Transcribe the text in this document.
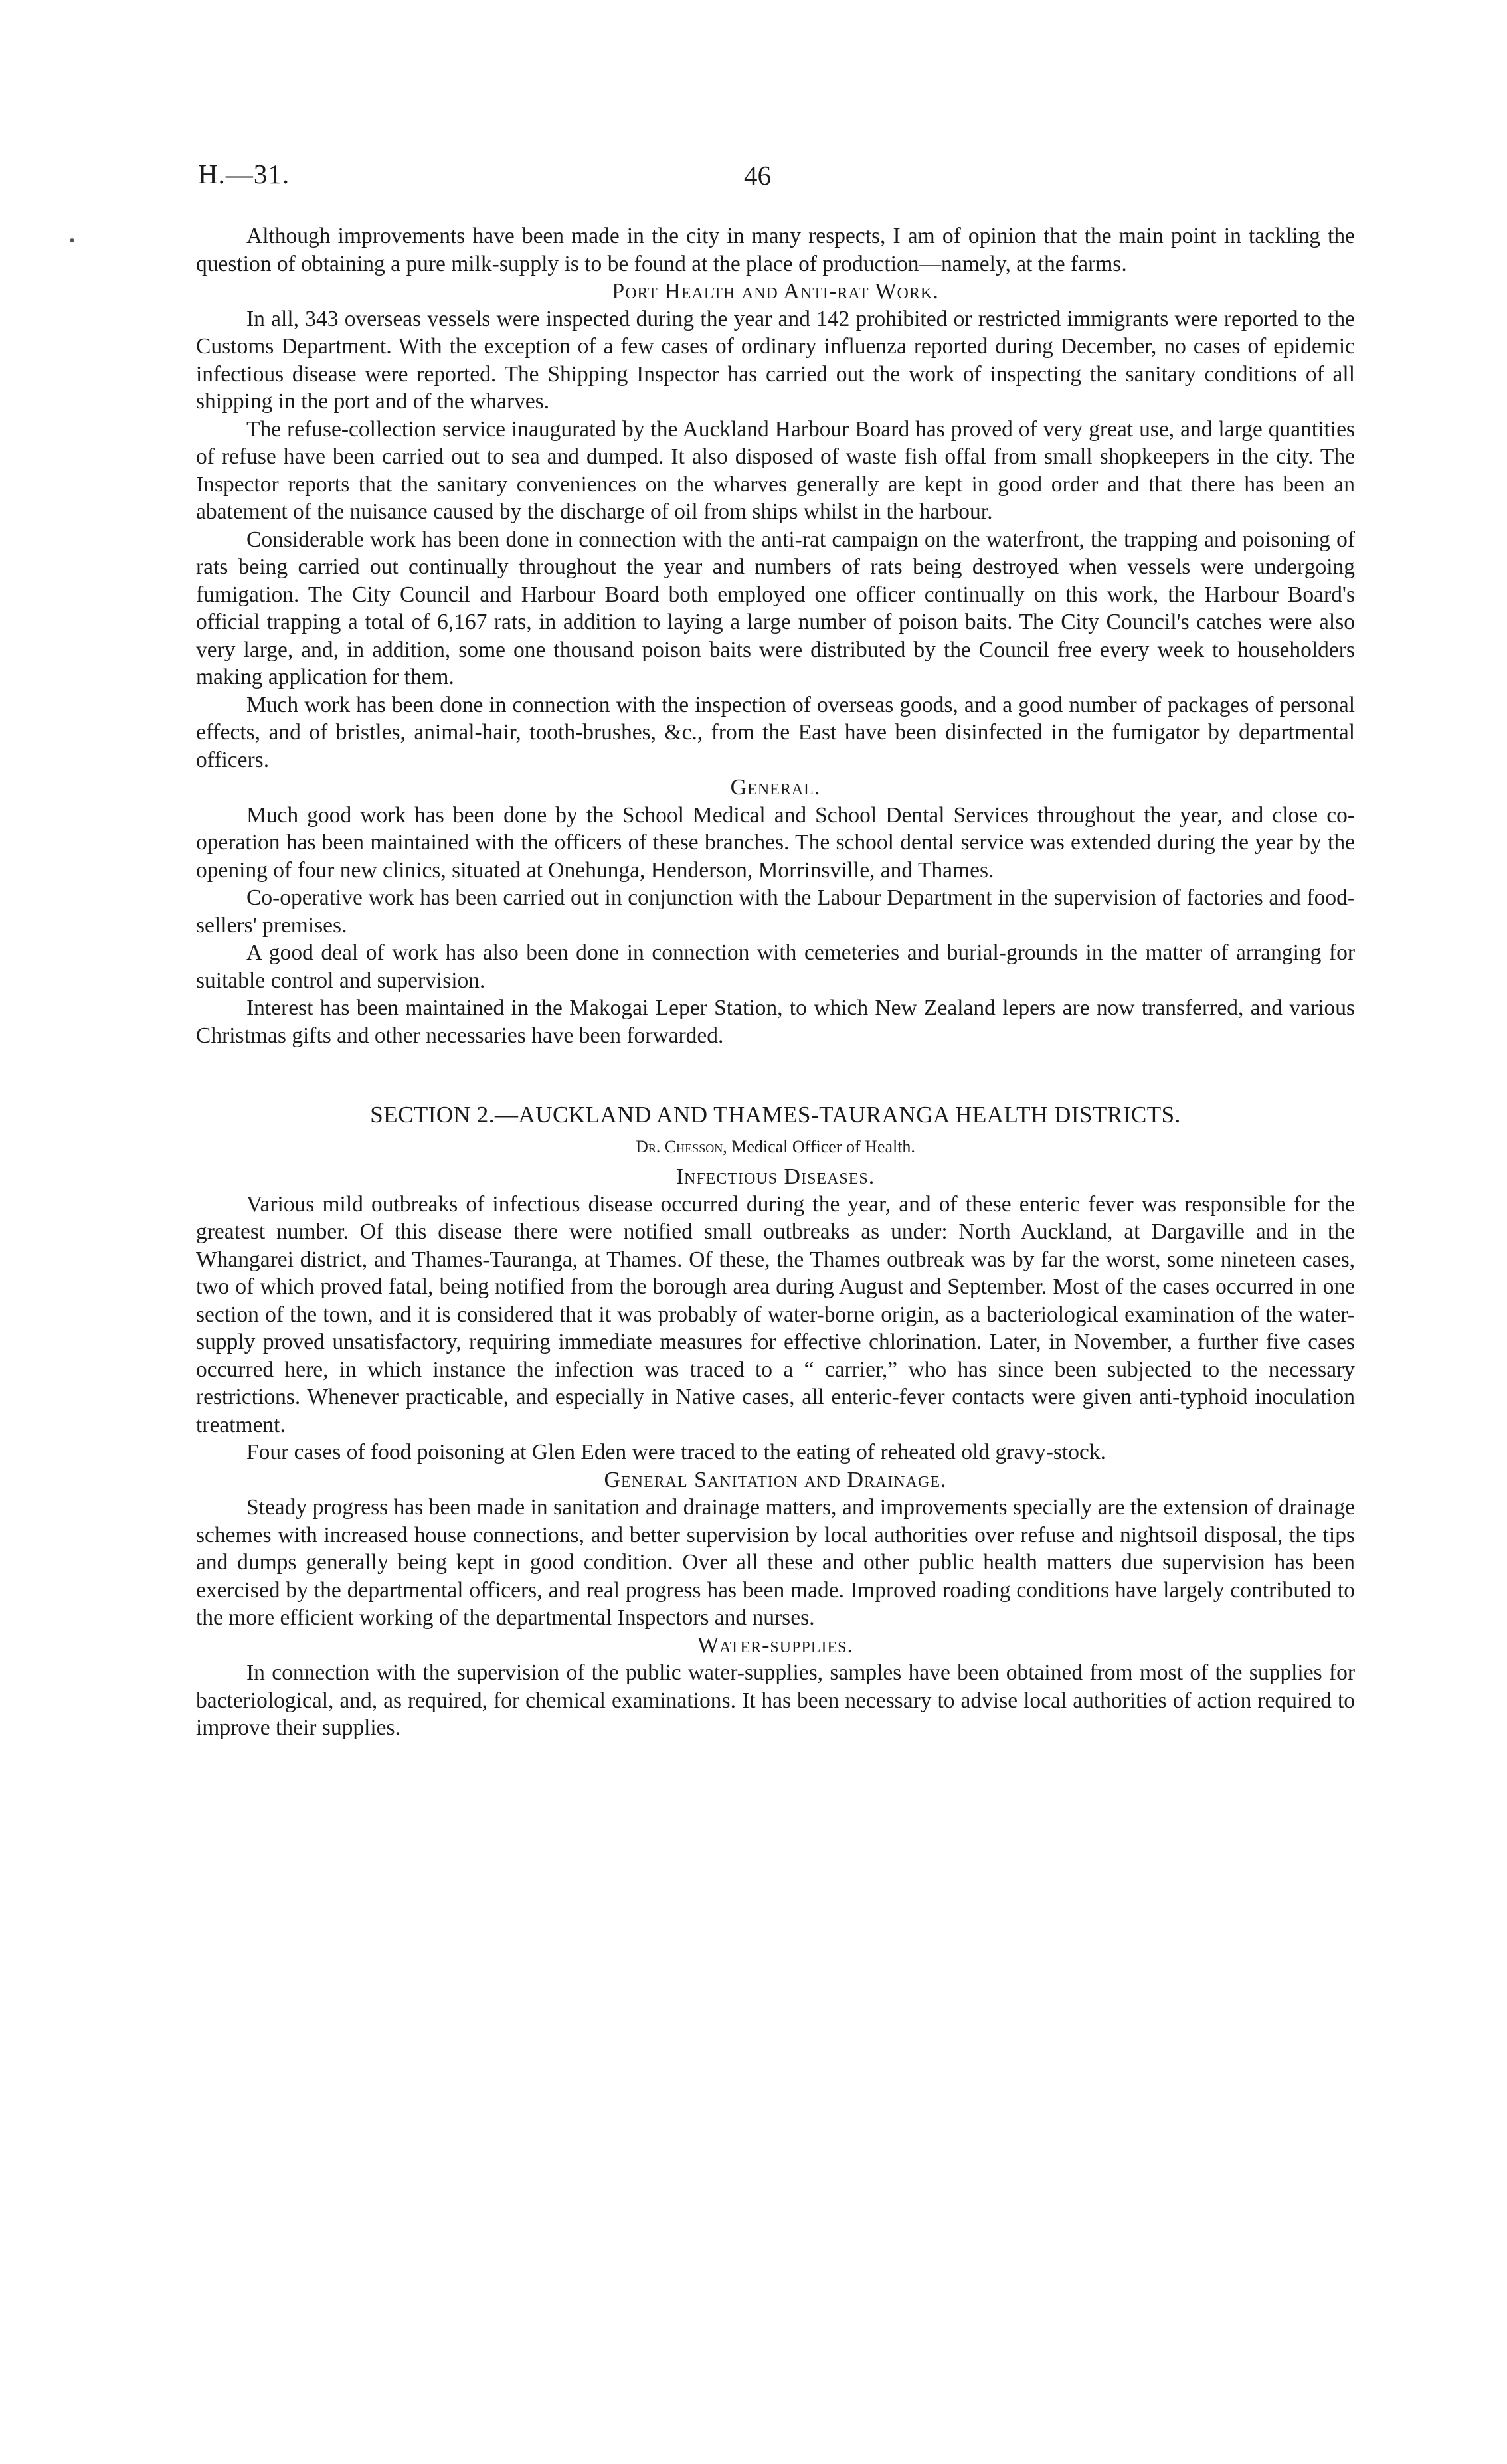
H.—31.	46
•	Although improvements have been made in the city in many respects, I am of opinion that the main point in tackling the question of obtaining a pure milk-supply is to be found at the place of production—namely, at the farms.

Port Health and Anti-rat Work.

In all, 343 overseas vessels were inspected during the year and 142 prohibited or restricted immigrants were reported to the Customs Department. With the exception of a few cases of ordinary influenza reported during December, no cases of epidemic infectious disease were reported. The Shipping Inspector has carried out the work of inspecting the sanitary conditions of all shipping in the port and of the wharves.

The refuse-collection service inaugurated by the Auckland Harbour Board has proved of very great use, and large quantities of refuse have been carried out to sea and dumped. It also disposed of waste fish offal from small shopkeepers in the city. The Inspector reports that the sanitary conveniences on the wharves generally are kept in good order and that there has been an abatement of the nuisance caused by the discharge of oil from ships whilst in the harbour.

Considerable work has been done in connection with the anti-rat campaign on the waterfront, the trapping and poisoning of rats being carried out continually throughout the year and numbers of rats being destroyed when vessels were undergoing fumigation. The City Council and Harbour Board both employed one officer continually on this work, the Harbour Board's official trapping a total of 6,167 rats, in addition to laying a large number of poison baits. The City Council's catches were also very large, and, in addition, some one thousand poison baits were distributed by the Council free every week to householders making application for them.

Much work has been done in connection with the inspection of overseas goods, and a good number of packages of personal effects, and of bristles, animal-hair, tooth-brushes, &c., from the East have been disinfected in the fumigator by departmental officers.

General.

Much good work has been done by the School Medical and School Dental Services throughout the year, and close co-operation has been maintained with the officers of these branches. The school dental service was extended during the year by the opening of four new clinics, situated at Onehunga, Henderson, Morrinsville, and Thames.

Co-operative work has been carried out in conjunction with the Labour Department in the supervision of factories and food-sellers' premises.

A good deal of work has also been done in connection with cemeteries and burial-grounds in the matter of arranging for suitable control and supervision.

Interest has been maintained in the Makogai Leper Station, to which New Zealand lepers are now transferred, and various Christmas gifts and other necessaries have been forwarded.

SECTION 2.—AUCKLAND AND THAMES-TAURANGA HEALTH DISTRICTS.
Dr. Chesson, Medical Officer of Health.

Infectious Diseases.

Various mild outbreaks of infectious disease occurred during the year, and of these enteric fever was responsible for the greatest number. Of this disease there were notified small outbreaks as under: North Auckland, at Dargaville and in the Whangarei district, and Thames-Tauranga, at Thames. Of these, the Thames outbreak was by far the worst, some nineteen cases, two of which proved fatal, being notified from the borough area during August and September. Most of the cases occurred in one section of the town, and it is considered that it was probably of water-borne origin, as a bacteriological examination of the water-supply proved unsatisfactory, requiring immediate measures for effective chlorination. Later, in November, a further five cases occurred here, in which instance the infection was traced to a “ carrier,” who has since been subjected to the necessary restrictions. Whenever practicable, and especially in Native cases, all enteric-fever contacts were given anti-typhoid inoculation treatment.

Four cases of food poisoning at Glen Eden were traced to the eating of reheated old gravy-stock.

General Sanitation and Drainage.

Steady progress has been made in sanitation and drainage matters, and improvements specially are the extension of drainage schemes with increased house connections, and better supervision by local authorities over refuse and nightsoil disposal, the tips and dumps generally being kept in good condition. Over all these and other public health matters due supervision has been exercised by the departmental officers, and real progress has been made. Improved roading conditions have largely contributed to the more efficient working of the departmental Inspectors and nurses.

Water-supplies.

In connection with the supervision of the public water-supplies, samples have been obtained from most of the supplies for bacteriological, and, as required, for chemical examinations. It has been necessary to advise local authorities of action required to improve their supplies.
